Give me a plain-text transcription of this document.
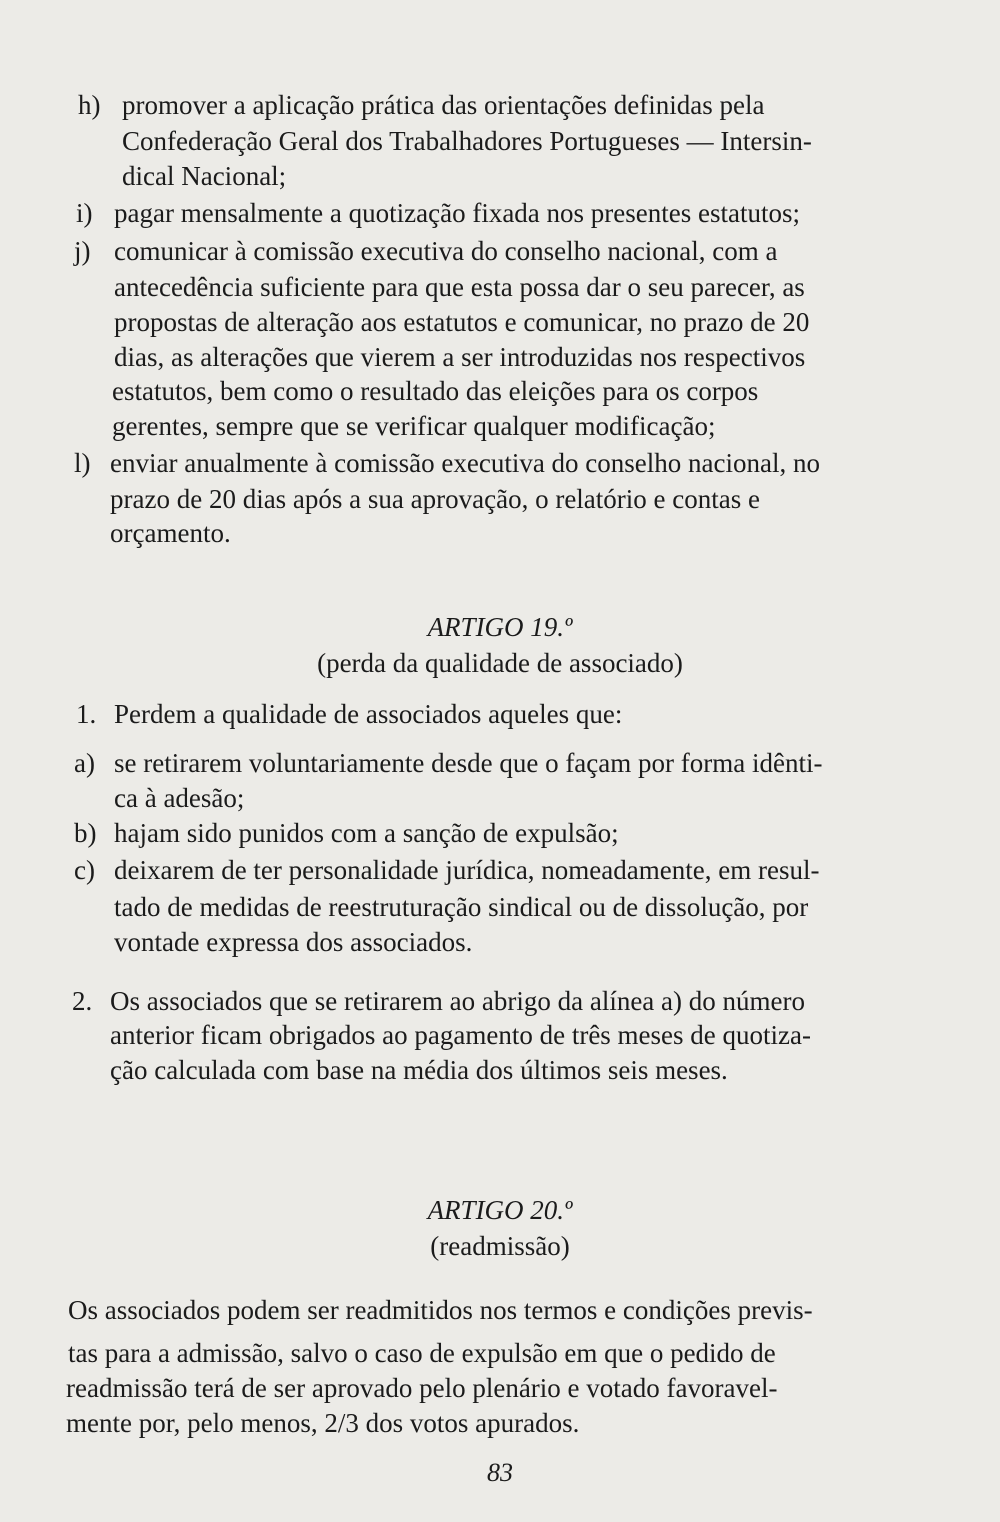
h) promover a aplicação prática das orientações definidas pela
Confederação Geral dos Trabalhadores Portugueses — Intersin-
dical Nacional;
i) pagar mensalmente a quotização fixada nos presentes estatutos;
j) comunicar à comissão executiva do conselho nacional, com a
antecedência suficiente para que esta possa dar o seu parecer, as
propostas de alteração aos estatutos e comunicar, no prazo de 20
dias, as alterações que vierem a ser introduzidas nos respectivos
estatutos, bem como o resultado das eleições para os corpos
gerentes, sempre que se verificar qualquer modificação;
l) enviar anualmente à comissão executiva do conselho nacional, no
prazo de 20 dias após a sua aprovação, o relatório e contas e
orçamento.
ARTIGO 19.º
(perda da qualidade de associado)
1. Perdem a qualidade de associados aqueles que:
a) se retirarem voluntariamente desde que o façam por forma idênti-
ca à adesão;
b) hajam sido punidos com a sanção de expulsão;
c) deixarem de ter personalidade jurídica, nomeadamente, em resul-
tado de medidas de reestruturação sindical ou de dissolução, por
vontade expressa dos associados.
2. Os associados que se retirarem ao abrigo da alínea a) do número
anterior ficam obrigados ao pagamento de três meses de quotiza-
ção calculada com base na média dos últimos seis meses.
ARTIGO 20.º
(readmissão)
Os associados podem ser readmitidos nos termos e condições previs-
tas para a admissão, salvo o caso de expulsão em que o pedido de
readmissão terá de ser aprovado pelo plenário e votado favoravel-
mente por, pelo menos, 2/3 dos votos apurados.
83
